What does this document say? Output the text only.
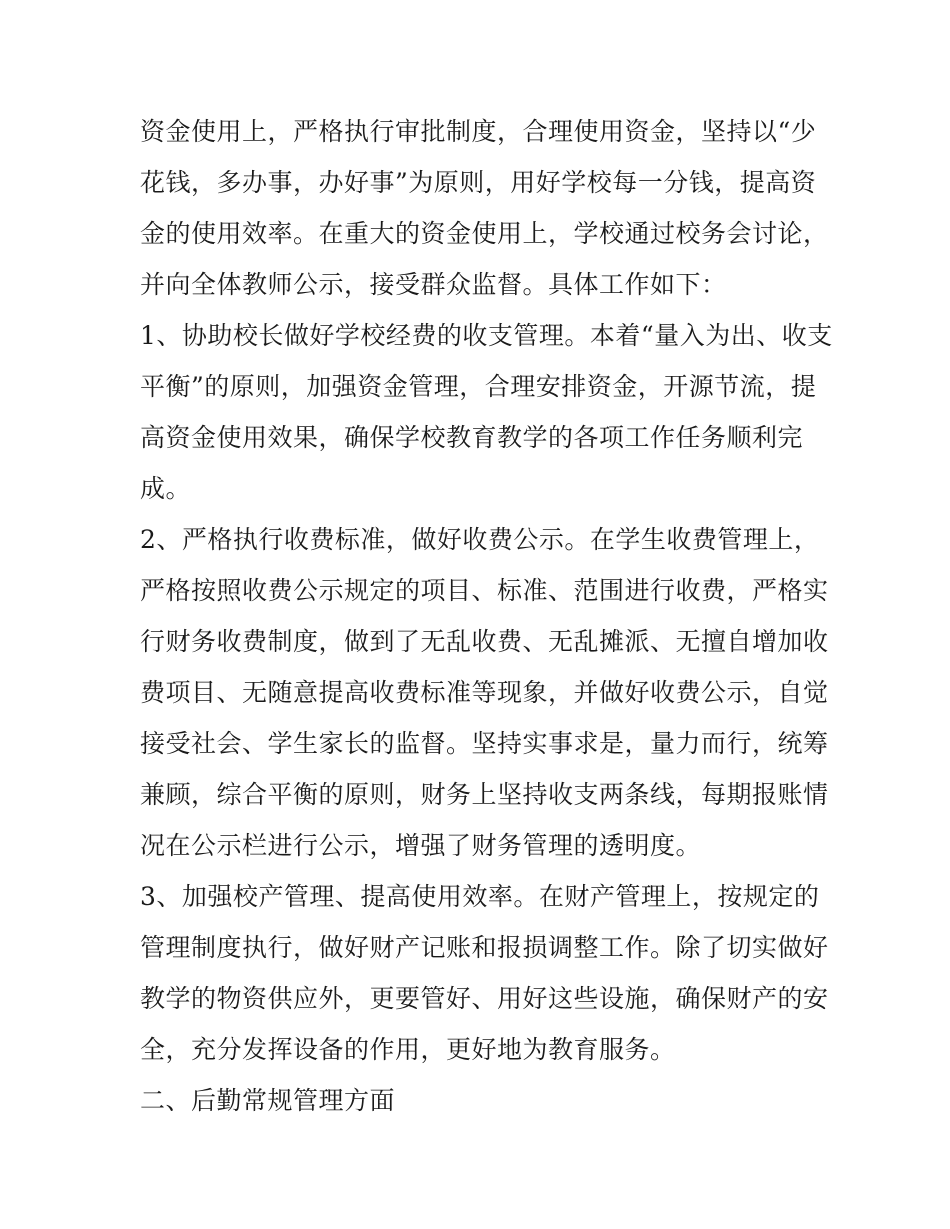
资金使用上，严格执行审批制度，合理使用资金，坚持以“少
花钱，多办事，办好事”为原则，用好学校每一分钱，提高资
金的使用效率。在重大的资金使用上，学校通过校务会讨论，
并向全体教师公示，接受群众监督。具体工作如下：
1、协助校长做好学校经费的收支管理。本着“量入为出、收支
平衡”的原则，加强资金管理，合理安排资金，开源节流，提
高资金使用效果，确保学校教育教学的各项工作任务顺利完
成。
2、严格执行收费标准，做好收费公示。在学生收费管理上，
严格按照收费公示规定的项目、标准、范围进行收费，严格实
行财务收费制度，做到了无乱收费、无乱摊派、无擅自增加收
费项目、无随意提高收费标准等现象，并做好收费公示，自觉
接受社会、学生家长的监督。坚持实事求是，量力而行，统筹
兼顾，综合平衡的原则，财务上坚持收支两条线，每期报账情
况在公示栏进行公示，增强了财务管理的透明度。
3、加强校产管理、提高使用效率。在财产管理上，按规定的
管理制度执行，做好财产记账和报损调整工作。除了切实做好
教学的物资供应外，更要管好、用好这些设施，确保财产的安
全，充分发挥设备的作用，更好地为教育服务。
二、后勤常规管理方面
